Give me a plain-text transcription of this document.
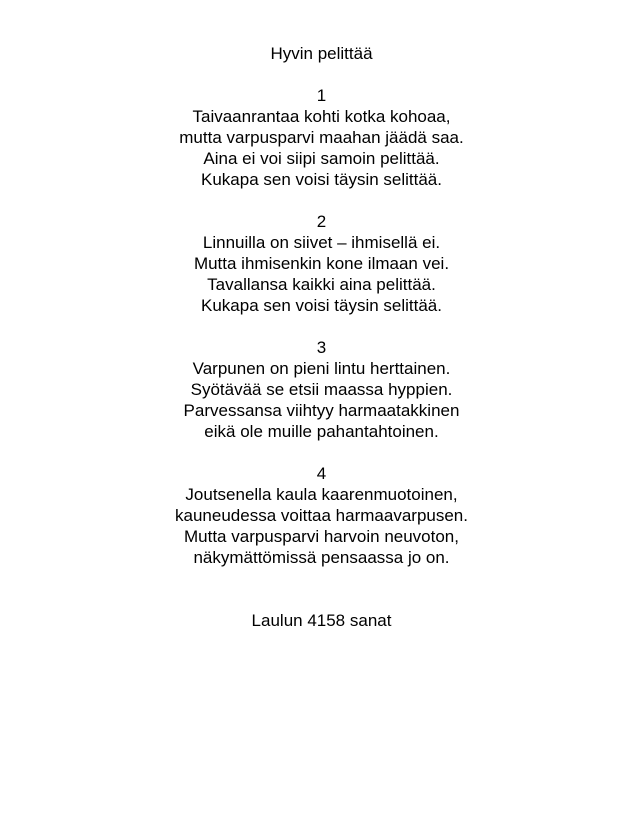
Hyvin pelittää
1
Taivaanrantaa kohti kotka kohoaa,
mutta varpusparvi maahan jäädä saa.
Aina ei voi siipi samoin pelittää.
Kukapa sen voisi täysin selittää.
2
Linnuilla on siivet – ihmisellä ei.
Mutta ihmisenkin kone ilmaan vei.
Tavallansa kaikki aina pelittää.
Kukapa sen voisi täysin selittää.
3
Varpunen on pieni lintu herttainen.
Syötävää se etsii maassa hyppien.
Parvessansa viihtyy harmaatakkinen
eikä ole muille pahantahtoinen.
4
Joutsenella kaula kaarenmuotoinen,
kauneudessa voittaa harmaavarpusen.
Mutta varpusparvi harvoin neuvoton,
näkymättömissä pensaassa jo on.
Laulun 4158 sanat
